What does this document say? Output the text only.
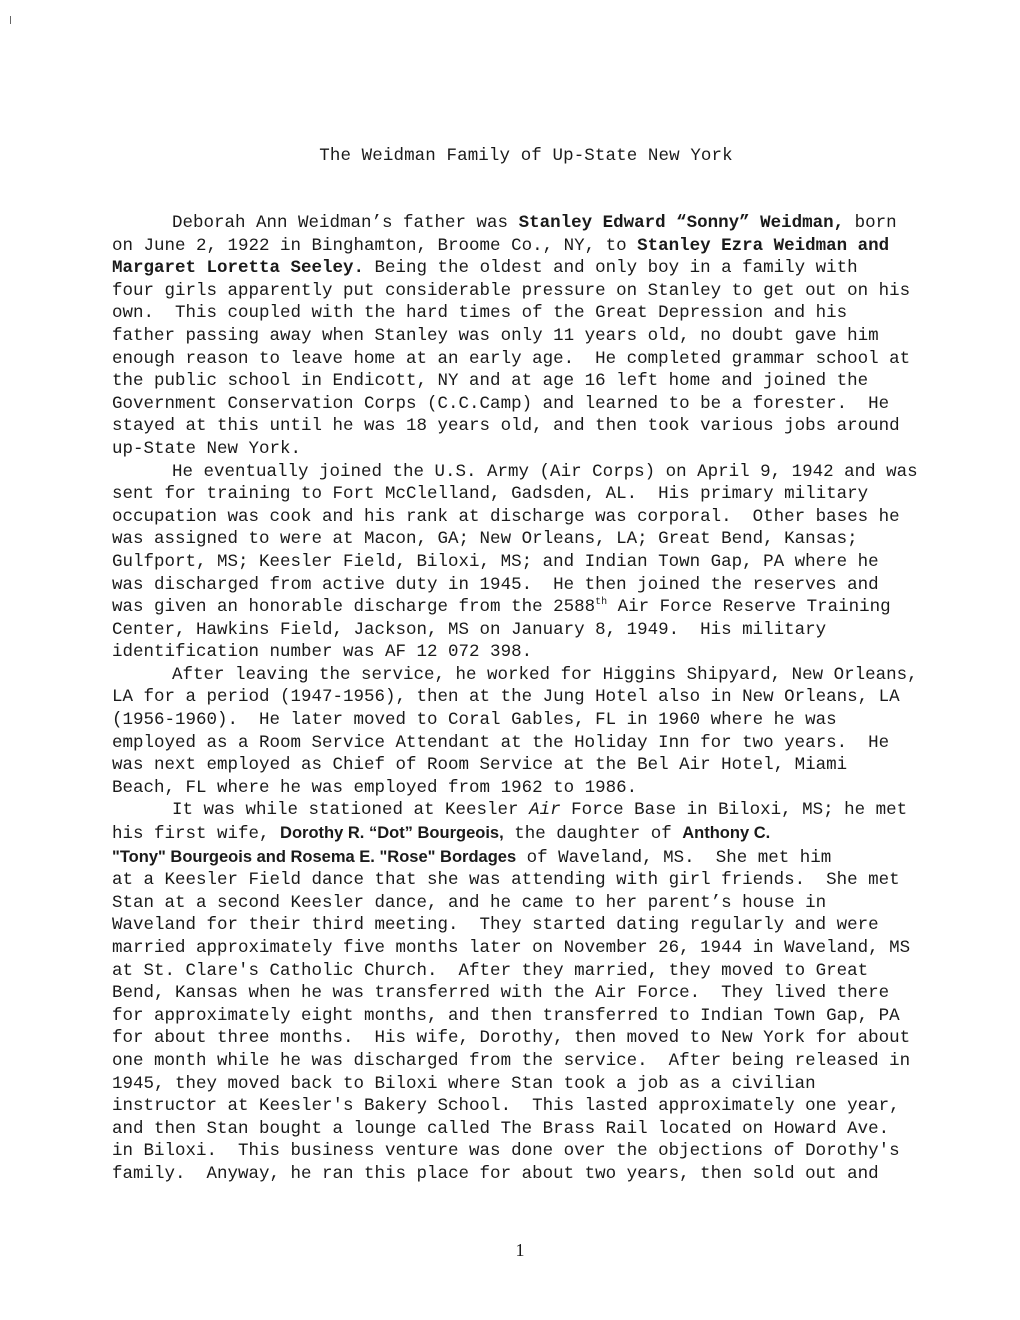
The Weidman Family of Up-State New York

Deborah Ann Weidman’s father was Stanley Edward “Sonny” Weidman, born
on June 2, 1922 in Binghamton, Broome Co., NY, to Stanley Ezra Weidman and
Margaret Loretta Seeley. Being the oldest and only boy in a family with
four girls apparently put considerable pressure on Stanley to get out on his
own.  This coupled with the hard times of the Great Depression and his
father passing away when Stanley was only 11 years old, no doubt gave him
enough reason to leave home at an early age.  He completed grammar school at
the public school in Endicott, NY and at age 16 left home and joined the
Government Conservation Corps (C.C.Camp) and learned to be a forester.  He
stayed at this until he was 18 years old, and then took various jobs around
up-State New York.

He eventually joined the U.S. Army (Air Corps) on April 9, 1942 and was
sent for training to Fort McClelland, Gadsden, AL.  His primary military
occupation was cook and his rank at discharge was corporal.  Other bases he
was assigned to were at Macon, GA; New Orleans, LA; Great Bend, Kansas;
Gulfport, MS; Keesler Field, Biloxi, MS; and Indian Town Gap, PA where he
was discharged from active duty in 1945.  He then joined the reserves and
was given an honorable discharge from the 2588th Air Force Reserve Training
Center, Hawkins Field, Jackson, MS on January 8, 1949.  His military
identification number was AF 12 072 398.

After leaving the service, he worked for Higgins Shipyard, New Orleans,
LA for a period (1947-1956), then at the Jung Hotel also in New Orleans, LA
(1956-1960).  He later moved to Coral Gables, FL in 1960 where he was
employed as a Room Service Attendant at the Holiday Inn for two years.  He
was next employed as Chief of Room Service at the Bel Air Hotel, Miami
Beach, FL where he was employed from 1962 to 1986.

It was while stationed at Keesler Air Force Base in Biloxi, MS; he met
his first wife, Dorothy R. “Dot” Bourgeois, the daughter of Anthony C.
"Tony" Bourgeois and Rosema E. "Rose" Bordages of Waveland, MS.  She met him
at a Keesler Field dance that she was attending with girl friends.  She met
Stan at a second Keesler dance, and he came to her parent’s house in
Waveland for their third meeting.  They started dating regularly and were
married approximately five months later on November 26, 1944 in Waveland, MS
at St. Clare's Catholic Church.  After they married, they moved to Great
Bend, Kansas when he was transferred with the Air Force.  They lived there
for approximately eight months, and then transferred to Indian Town Gap, PA
for about three months.  His wife, Dorothy, then moved to New York for about
one month while he was discharged from the service.  After being released in
1945, they moved back to Biloxi where Stan took a job as a civilian
instructor at Keesler's Bakery School.  This lasted approximately one year,
and then Stan bought a lounge called The Brass Rail located on Howard Ave.
in Biloxi.  This business venture was done over the objections of Dorothy's
family.  Anyway, he ran this place for about two years, then sold out and

1
